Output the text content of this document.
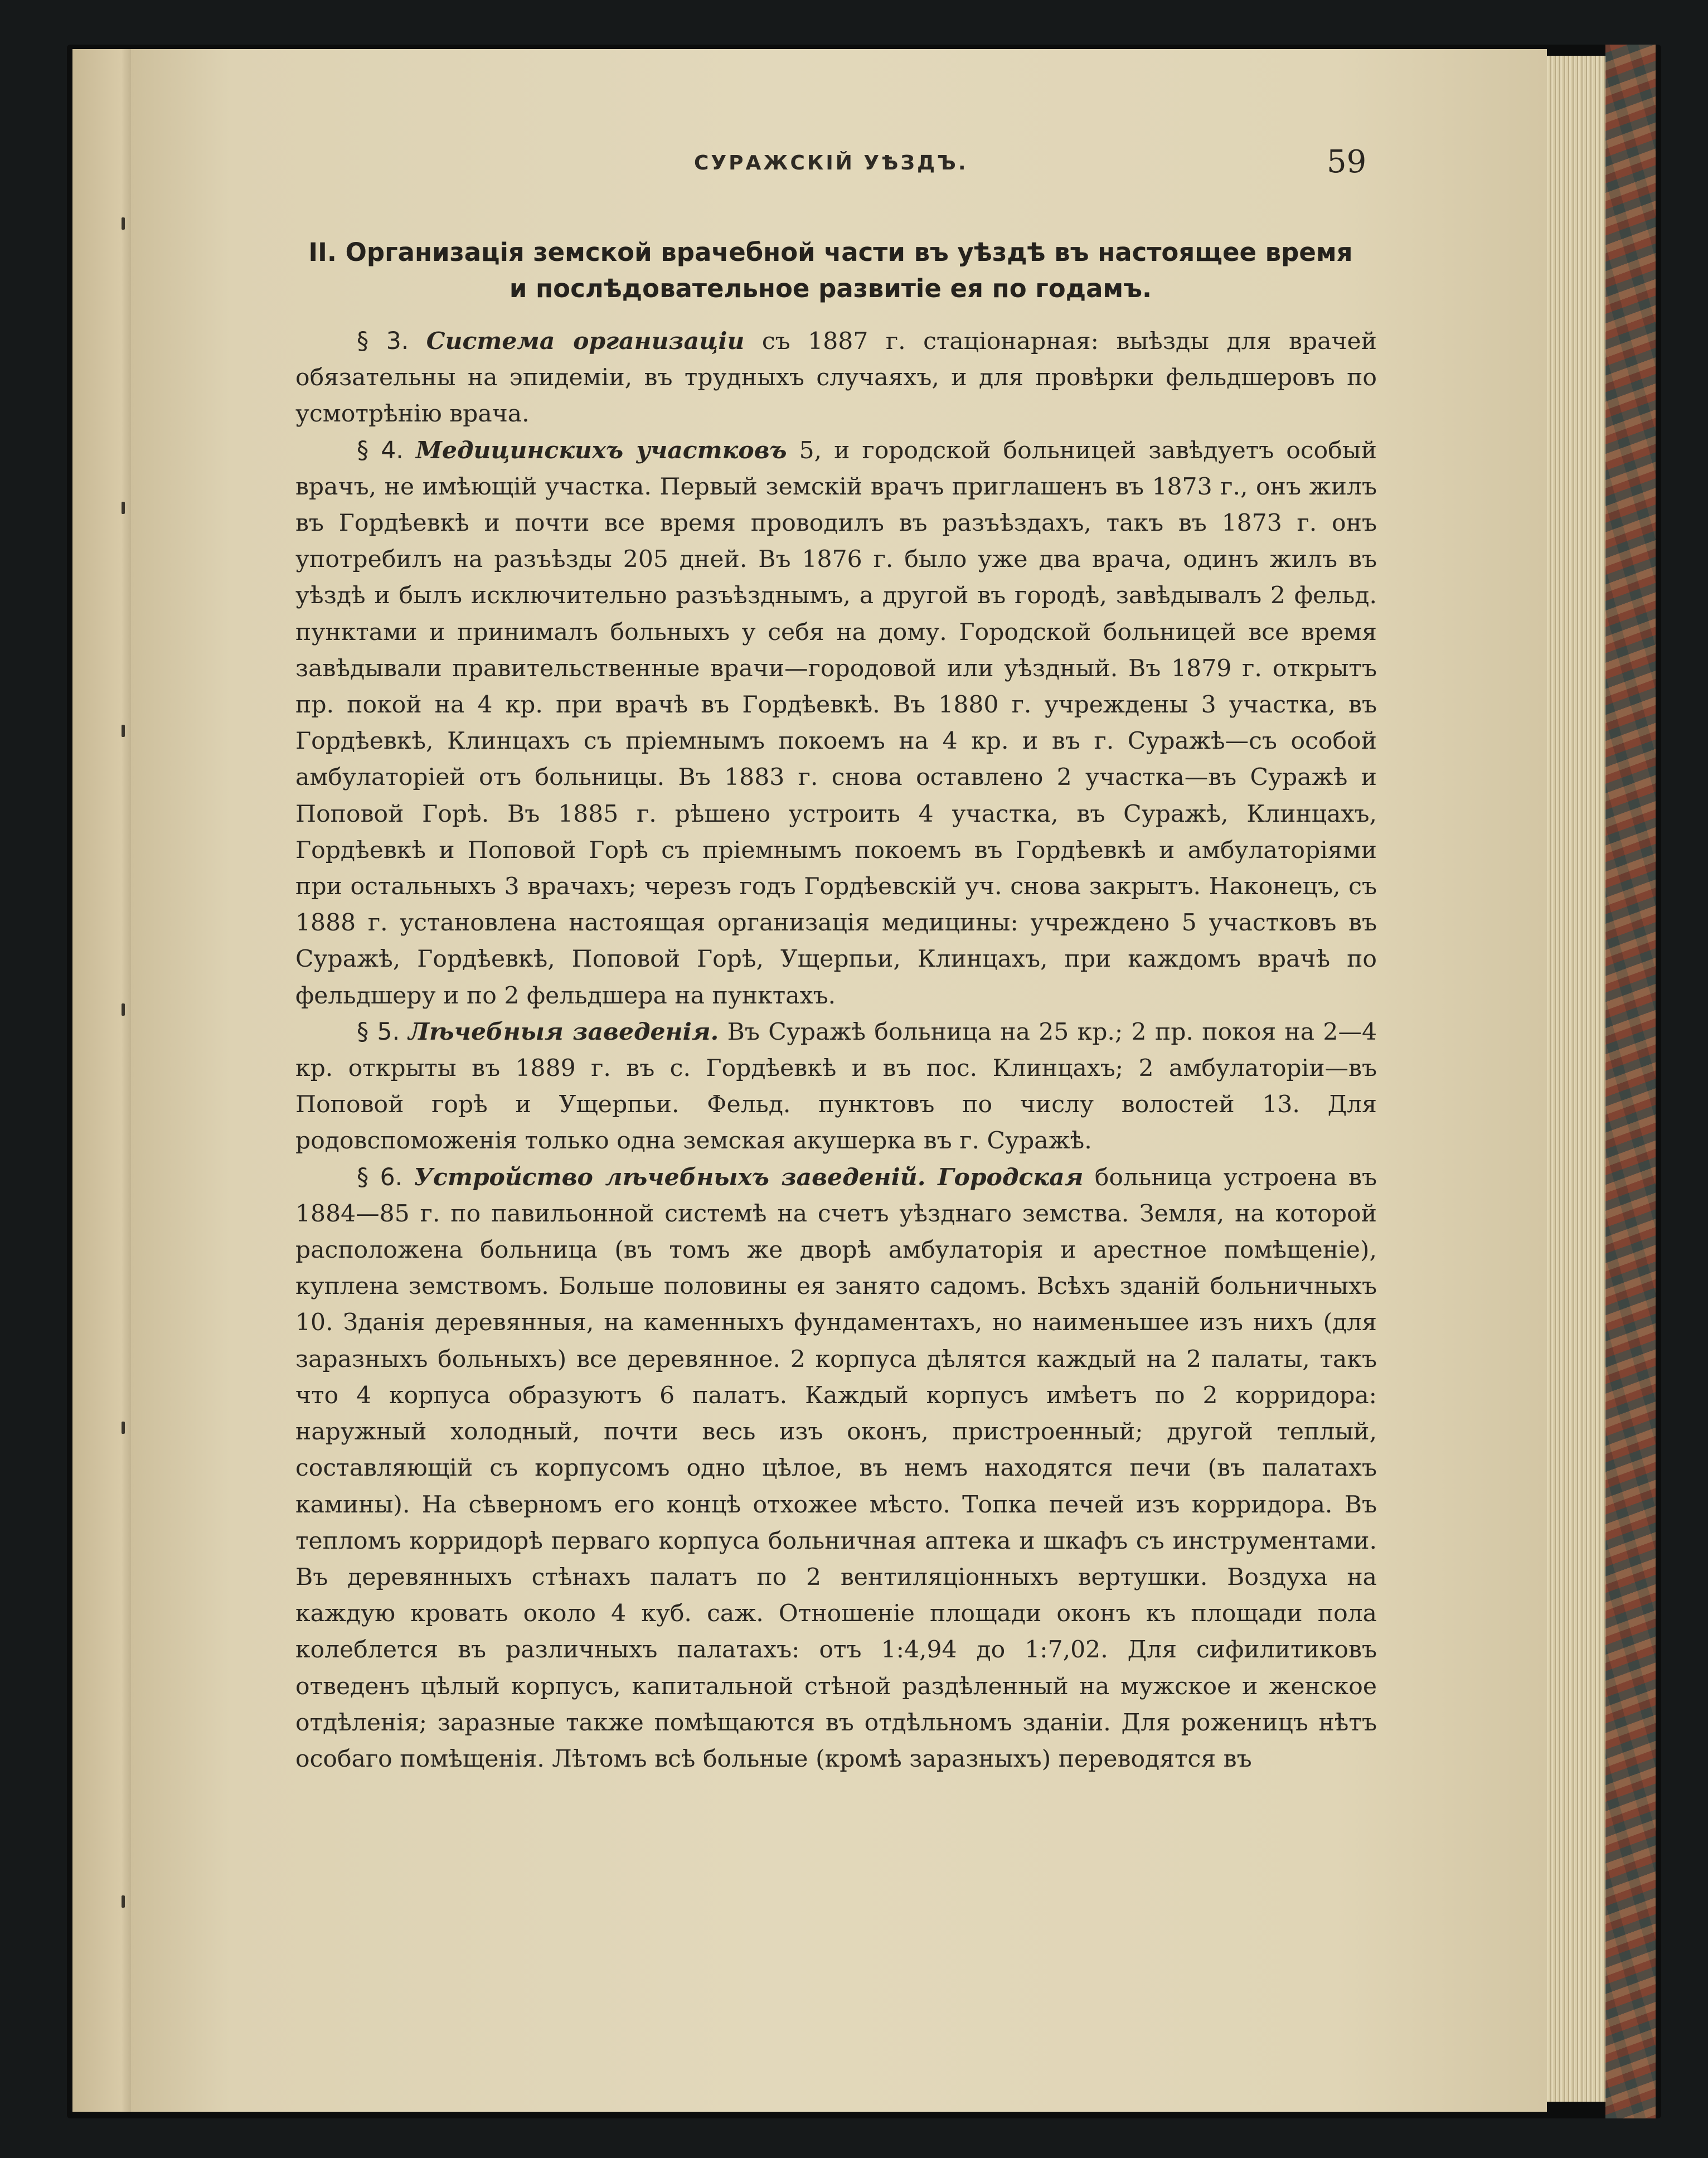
СУРАЖСКІЙ УѢЗДЪ.	59
II. Организація земской врачебной части въ уѣздѣ въ настоящее время и послѣдовательное развитіе ея по годамъ.

§ 3. Система организаціи съ 1887 г. стаціонарная: выѣзды для врачей обязательны на эпидеміи, въ трудныхъ случаяхъ, и для провѣрки фельдшеровъ по усмотрѣнію врача.

§ 4. Медицинскихъ участковъ 5, и городской больницей завѣдуетъ особый врачъ, не имѣющій участка. Первый земскій врачъ приглашенъ въ 1873 г., онъ жилъ въ Гордѣевкѣ и почти все время проводилъ въ разъѣздахъ, такъ въ 1873 г. онъ употребилъ на разъѣзды 205 дней. Въ 1876 г. было уже два врача, одинъ жилъ въ уѣздѣ и былъ исключительно разъѣзднымъ, а другой въ городѣ, завѣдывалъ 2 фельд. пунктами и принималъ больныхъ у себя на дому. Городской больницей все время завѣдывали правительственные врачи—городовой или уѣздный. Въ 1879 г. открытъ пр. покой на 4 кр. при врачѣ въ Гордѣевкѣ. Въ 1880 г. учреждены 3 участка, въ Гордѣевкѣ, Клинцахъ съ пріемнымъ покоемъ на 4 кр. и въ г. Суражѣ—съ особой амбулаторіей отъ больницы. Въ 1883 г. снова оставлено 2 участка—въ Суражѣ и Поповой Горѣ. Въ 1885 г. рѣшено устроить 4 участка, въ Суражѣ, Клинцахъ, Гордѣевкѣ и Поповой Горѣ съ пріемнымъ покоемъ въ Гордѣевкѣ и амбулаторіями при остальныхъ 3 врачахъ; черезъ годъ Гордѣевскій уч. снова закрытъ. Наконецъ, съ 1888 г. установлена настоящая организація медицины: учреждено 5 участковъ въ Суражѣ, Гордѣевкѣ, Поповой Горѣ, Ущерпьи, Клинцахъ, при каждомъ врачѣ по фельдшеру и по 2 фельдшера на пунктахъ.

§ 5. Лѣчебныя заведенія. Въ Суражѣ больница на 25 кр.; 2 пр. покоя на 2—4 кр. открыты въ 1889 г. въ с. Гордѣевкѣ и въ пос. Клинцахъ; 2 амбулаторіи—въ Поповой горѣ и Ущерпьи. Фельд. пунктовъ по числу волостей 13. Для родовспоможенія только одна земская акушерка въ г. Суражѣ.

§ 6. Устройство лѣчебныхъ заведеній. Городская больница устроена въ 1884—85 г. по павильонной системѣ на счетъ уѣзднаго земства. Земля, на которой расположена больница (въ томъ же дворѣ амбулаторія и арестное помѣщеніе), куплена земствомъ. Больше половины ея занято садомъ. Всѣхъ зданій больничныхъ 10. Зданія деревянныя, на каменныхъ фундаментахъ, но наименьшее изъ нихъ (для заразныхъ больныхъ) все деревянное. 2 корпуса дѣлятся каждый на 2 палаты, такъ что 4 корпуса образуютъ 6 палатъ. Каждый корпусъ имѣетъ по 2 корридора: наружный холодный, почти весь изъ оконъ, пристроенный; другой теплый, составляющій съ корпусомъ одно цѣлое, въ немъ находятся печи (въ палатахъ камины). На сѣверномъ его концѣ отхожее мѣсто. Топка печей изъ корридора. Въ тепломъ корридорѣ перваго корпуса больничная аптека и шкафъ съ инструментами. Въ деревянныхъ стѣнахъ палатъ по 2 вентиляціонныхъ вертушки. Воздуха на каждую кровать около 4 куб. саж. Отношеніе площади оконъ къ площади пола колеблется въ различныхъ палатахъ: отъ 1:4,94 до 1:7,02. Для сифилитиковъ отведенъ цѣлый корпусъ, капитальной стѣной раздѣленный на мужское и женское отдѣленія; заразные также помѣщаются въ отдѣльномъ зданіи. Для роженицъ нѣтъ особаго помѣщенія. Лѣтомъ всѣ больные (кромѣ заразныхъ) переводятся въ
